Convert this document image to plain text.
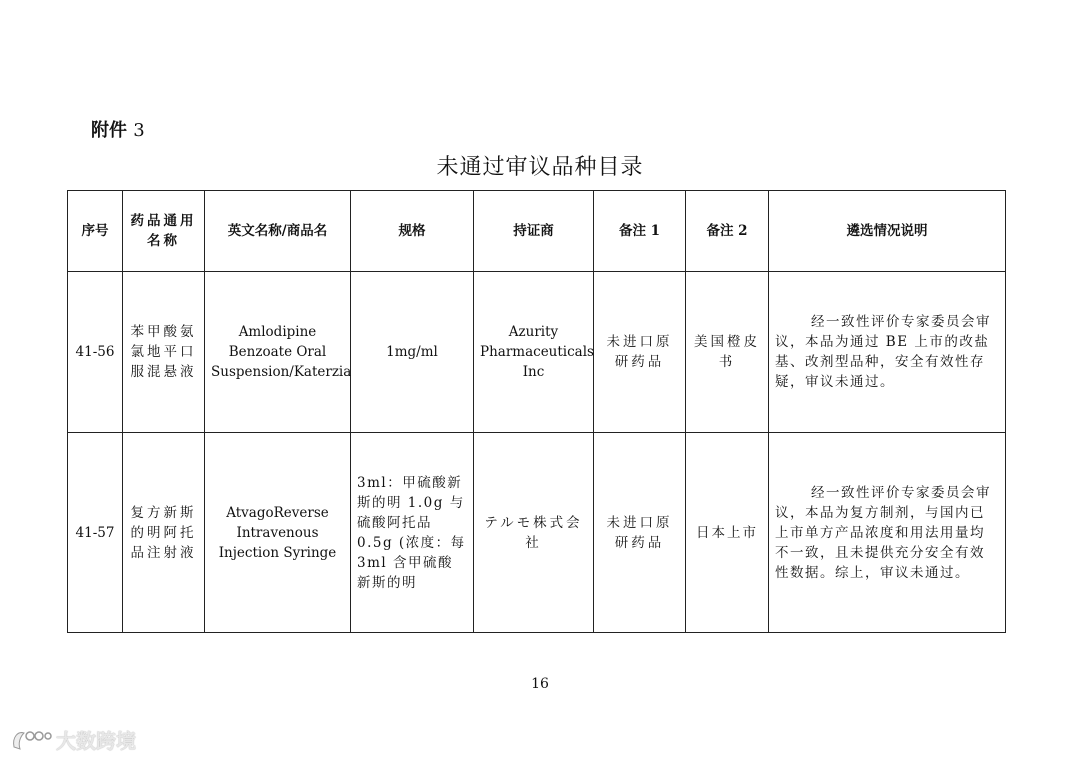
附件 3
未通过审议品种目录
序号	药品通用名称	英文名称/商品名	规格	持证商	备注 1	备注 2	遴选情况说明
41-56	苯甲酸氨氯地平口服混悬液	Amlodipine Benzoate Oral Suspension/Katerzia	1mg/ml	Azurity Pharmaceuticals Inc	未进口原研药品	美国橙皮书	经一致性评价专家委员会审议，本品为通过 BE 上市的改盐基、改剂型品种，安全有效性存疑，审议未通过。
41-57	复方新斯的明阿托品注射液	AtvagoReverse Intravenous Injection Syringe	3ml：甲硫酸新斯的明 1.0g 与硫酸阿托品 0.5g (浓度：每 3ml 含甲硫酸新斯的明	テルモ株式会社	未进口原研药品	日本上市	经一致性评价专家委员会审议，本品为复方制剂，与国内已上市单方产品浓度和用法用量均不一致，且未提供充分安全有效性数据。综上，审议未通过。
16
大数跨境
